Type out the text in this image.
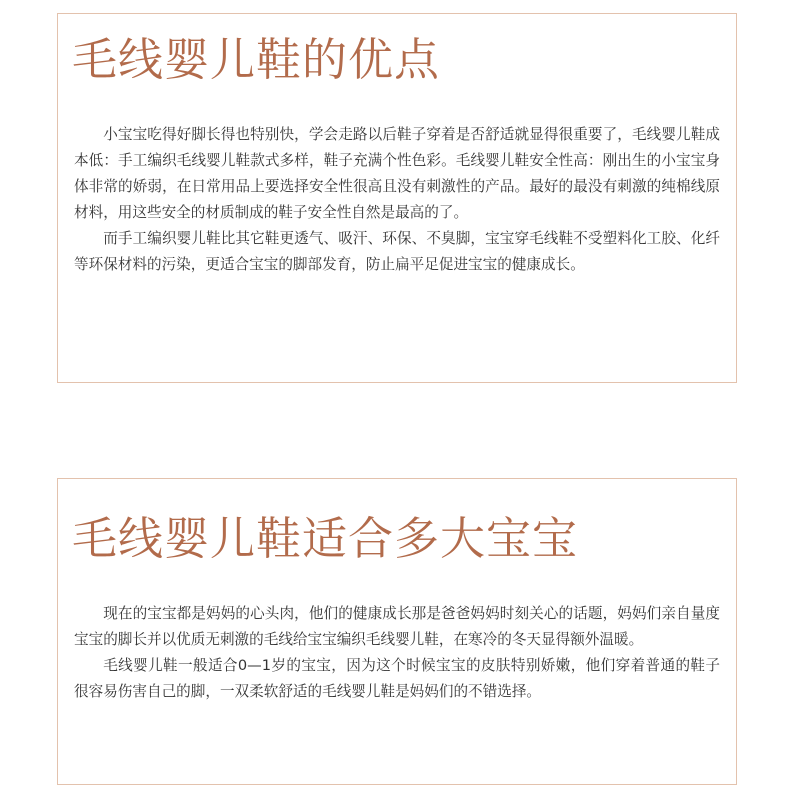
毛线婴儿鞋的优点

小宝宝吃得好脚长得也特别快，学会走路以后鞋子穿着是否舒适就显得很重要了，毛线婴儿鞋成本低：手工编织毛线婴儿鞋款式多样，鞋子充满个性色彩。毛线婴儿鞋安全性高：刚出生的小宝宝身体非常的娇弱，在日常用品上要选择安全性很高且没有刺激性的产品。最好的最没有刺激的纯棉线原材料，用这些安全的材质制成的鞋子安全性自然是最高的了。

而手工编织婴儿鞋比其它鞋更透气、吸汗、环保、不臭脚，宝宝穿毛线鞋不受塑料化工胶、化纤等环保材料的污染，更适合宝宝的脚部发育，防止扁平足促进宝宝的健康成长。

毛线婴儿鞋适合多大宝宝

现在的宝宝都是妈妈的心头肉，他们的健康成长那是爸爸妈妈时刻关心的话题，妈妈们亲自量度宝宝的脚长并以优质无刺激的毛线给宝宝编织毛线婴儿鞋，在寒冷的冬天显得额外温暖。

毛线婴儿鞋一般适合0—1岁的宝宝，因为这个时候宝宝的皮肤特别娇嫩，他们穿着普通的鞋子很容易伤害自己的脚，一双柔软舒适的毛线婴儿鞋是妈妈们的不错选择。
